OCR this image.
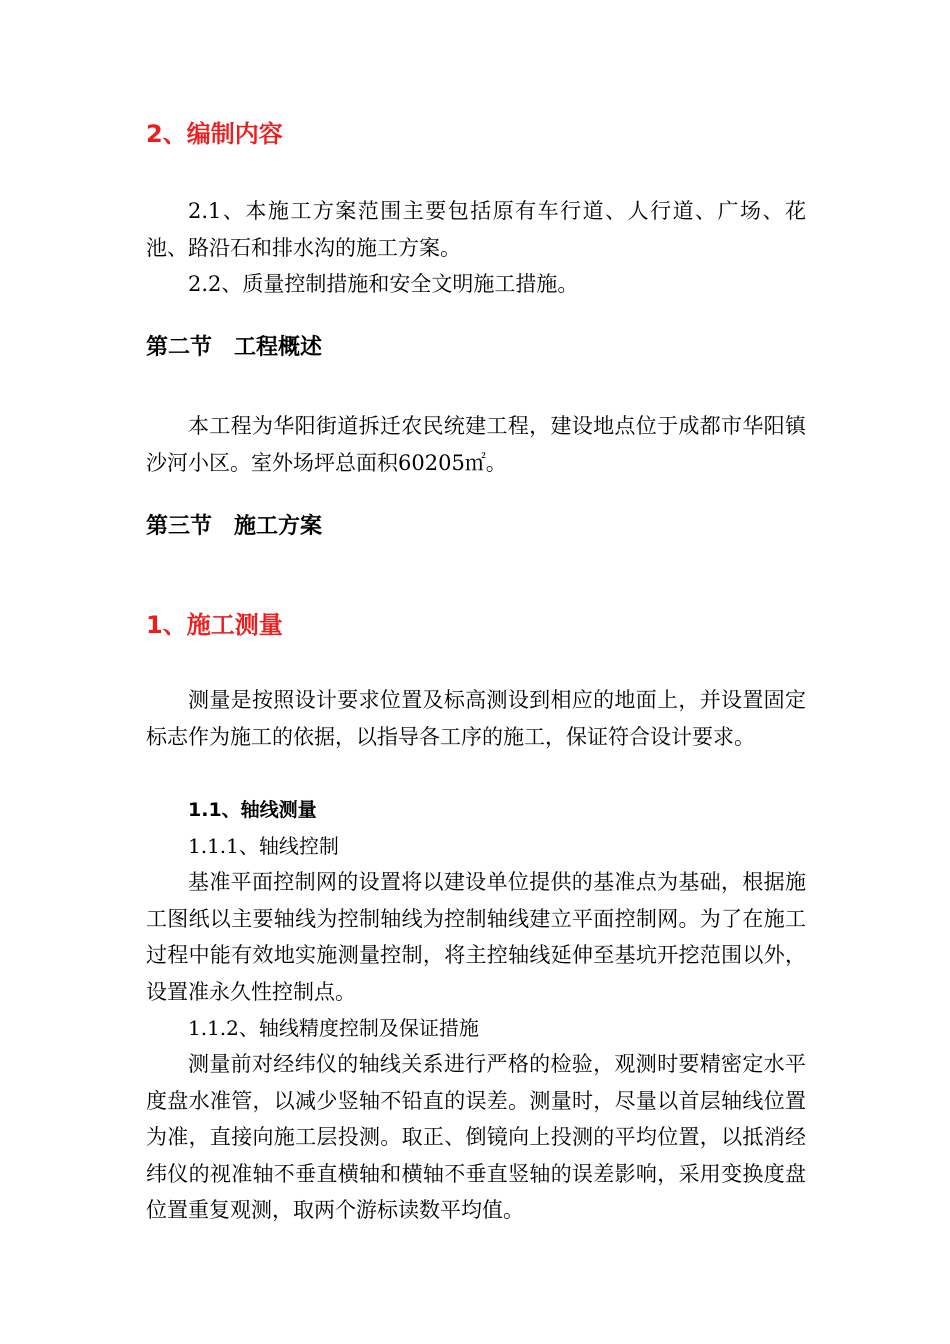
2、编制内容

2.1、本施工方案范围主要包括原有车行道、人行道、广场、花池、路沿石和排水沟的施工方案。

2.2、质量控制措施和安全文明施工措施。

第二节　工程概述

本工程为华阳街道拆迁农民统建工程，建设地点位于成都市华阳镇沙河小区。室外场坪总面积60205㎡。

第三节　施工方案
1、施工测量

测量是按照设计要求位置及标高测设到相应的地面上，并设置固定标志作为施工的依据，以指导各工序的施工，保证符合设计要求。

1.1、轴线测量

1.1.1、轴线控制

基准平面控制网的设置将以建设单位提供的基准点为基础，根据施工图纸以主要轴线为控制轴线为控制轴线建立平面控制网。为了在施工过程中能有效地实施测量控制，将主控轴线延伸至基坑开挖范围以外，设置准永久性控制点。

1.1.2、轴线精度控制及保证措施

测量前对经纬仪的轴线关系进行严格的检验，观测时要精密定水平度盘水准管，以减少竖轴不铅直的误差。测量时，尽量以首层轴线位置为准，直接向施工层投测。取正、倒镜向上投测的平均位置，以抵消经纬仪的视准轴不垂直横轴和横轴不垂直竖轴的误差影响，采用变换度盘位置重复观测，取两个游标读数平均值。
